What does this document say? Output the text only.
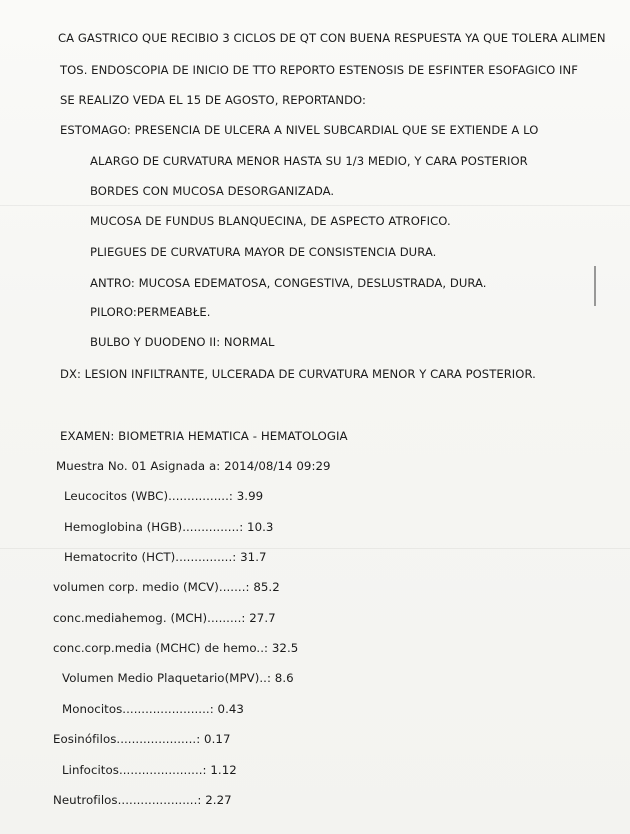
CA GASTRICO QUE RECIBIO 3 CICLOS DE QT CON BUENA RESPUESTA YA QUE TOLERA ALIMEN
TOS. ENDOSCOPIA DE INICIO DE TTO REPORTO ESTENOSIS DE ESFINTER ESOFAGICO INF
SE REALIZO VEDA EL 15 DE AGOSTO, REPORTANDO:
ESTOMAGO: PRESENCIA DE ULCERA A NIVEL SUBCARDIAL QUE SE EXTIENDE A LO
ALARGO DE CURVATURA MENOR HASTA SU 1/3 MEDIO, Y CARA POSTERIOR
BORDES CON MUCOSA DESORGANIZADA.
MUCOSA DE FUNDUS BLANQUECINA, DE ASPECTO ATROFICO.
PLIEGUES DE CURVATURA MAYOR DE CONSISTENCIA DURA.
ANTRO: MUCOSA EDEMATOSA, CONGESTIVA, DESLUSTRADA, DURA.
PILORO:PERMEABŁE.
BULBO Y DUODENO II: NORMAL
DX: LESION INFILTRANTE, ULCERADA DE CURVATURA MENOR Y CARA POSTERIOR.
EXAMEN: BIOMETRIA HEMATICA - HEMATOLOGIA
Muestra No. 01 Asignada a: 2014/08/14 09:29
Leucocitos (WBC)................: 3.99
Hemoglobina (HGB)...............: 10.3
Hematocrito (HCT)...............: 31.7
volumen corp. medio (MCV).......: 85.2
conc.mediahemog. (MCH).........: 27.7
conc.corp.media (MCHC) de hemo..: 32.5
Volumen Medio Plaquetario(MPV)..: 8.6
Monocitos.......................: 0.43
Eosinófilos.....................: 0.17
Linfocitos......................: 1.12
Neutrofilos.....................: 2.27
